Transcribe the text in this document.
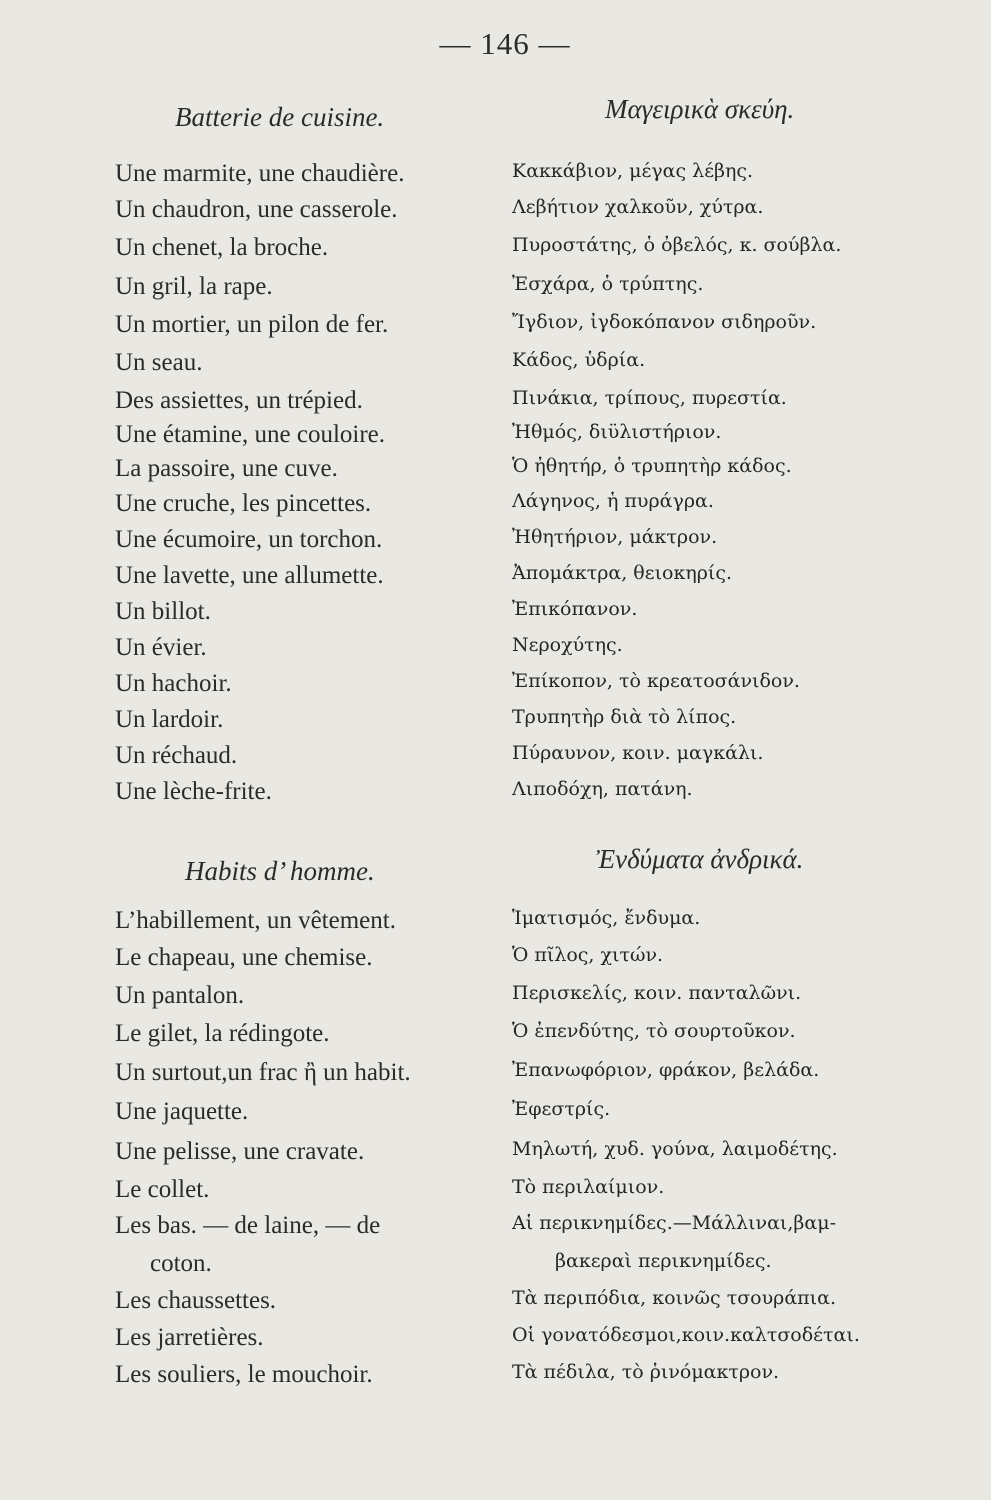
— 146 —
Batterie de cuisine.	Μαγειρικὰ σκεύη.
Une marmite, une chaudière.	Κακκάβιον, μέγας λέβης.
Un chaudron, une casserole.	Λεβήτιον χαλκοῦν, χύτρα.
Un chenet, la broche.	Πυροστάτης, ὁ ὀβελός, κ. σούβλα.
Un gril, la rape.	Ἐσχάρα, ὁ τρύπτης.
Un mortier, un pilon de fer.	Ἴγδιον, ἰγδοκόπανον σιδηροῦν.
Un seau.	Κάδος, ὑδρία.
Des assiettes, un trépied.	Πινάκια, τρίπους, πυρεστία.
Une étamine, une couloire.	Ἠθμός, διϋλιστήριον.
La passoire, une cuve.	Ὁ ἠθητήρ, ὁ τρυπητὴρ κάδος.
Une cruche, les pincettes.	Λάγηνος, ἡ πυράγρα.
Une écumoire, un torchon.	Ἠθητήριον, μάκτρον.
Une lavette, une allumette.	Ἀπομάκτρα, θειοκηρίς.
Un billot.	Ἐπικόπανον.
Un évier.	Νεροχύτης.
Un hachoir.	Ἐπίκοπον, τὸ κρεατοσάνιδον.
Un lardoir.	Τρυπητὴρ διὰ τὸ λίπος.
Un réchaud.	Πύραυνον, κοιν. μαγκάλι.
Une lèche-frite.	Λιποδόχη, πατάνη.
Habits d’ homme.	Ἐνδύματα ἀνδρικά.
L’habillement, un vêtement.	Ἱματισμός, ἔνδυμα.
Le chapeau, une chemise.	Ὁ πῖλος, χιτών.
Un pantalon.	Περισκελίς, κοιν. πανταλῶνι.
Le gilet, la rédingote.	Ὁ ἐπενδύτης, τὸ σουρτοῦκον.
Un surtout,un frac ἢ un habit.	Ἐπανωφόριον, φράκον, βελάδα.
Une jaquette.	Ἐφεστρίς.
Une pelisse, une cravate.	Μηλωτή, χυδ. γούνα, λαιμοδέτης.
Le collet.	Τὸ περιλαίμιον.
Les bas. — de laine, — de	Αἱ περικνημίδες.—Μάλλιναι,βαμ-
coton.	βακεραὶ περικνημίδες.
Les chaussettes.	Τὰ περιπόδια, κοινῶς τσουράπια.
Les jarretières.	Οἱ γονατόδεσμοι,κοιν.καλτσοδέται.
Les souliers, le mouchoir.	Τὰ πέδιλα, τὸ ῥινόμακτρον.
